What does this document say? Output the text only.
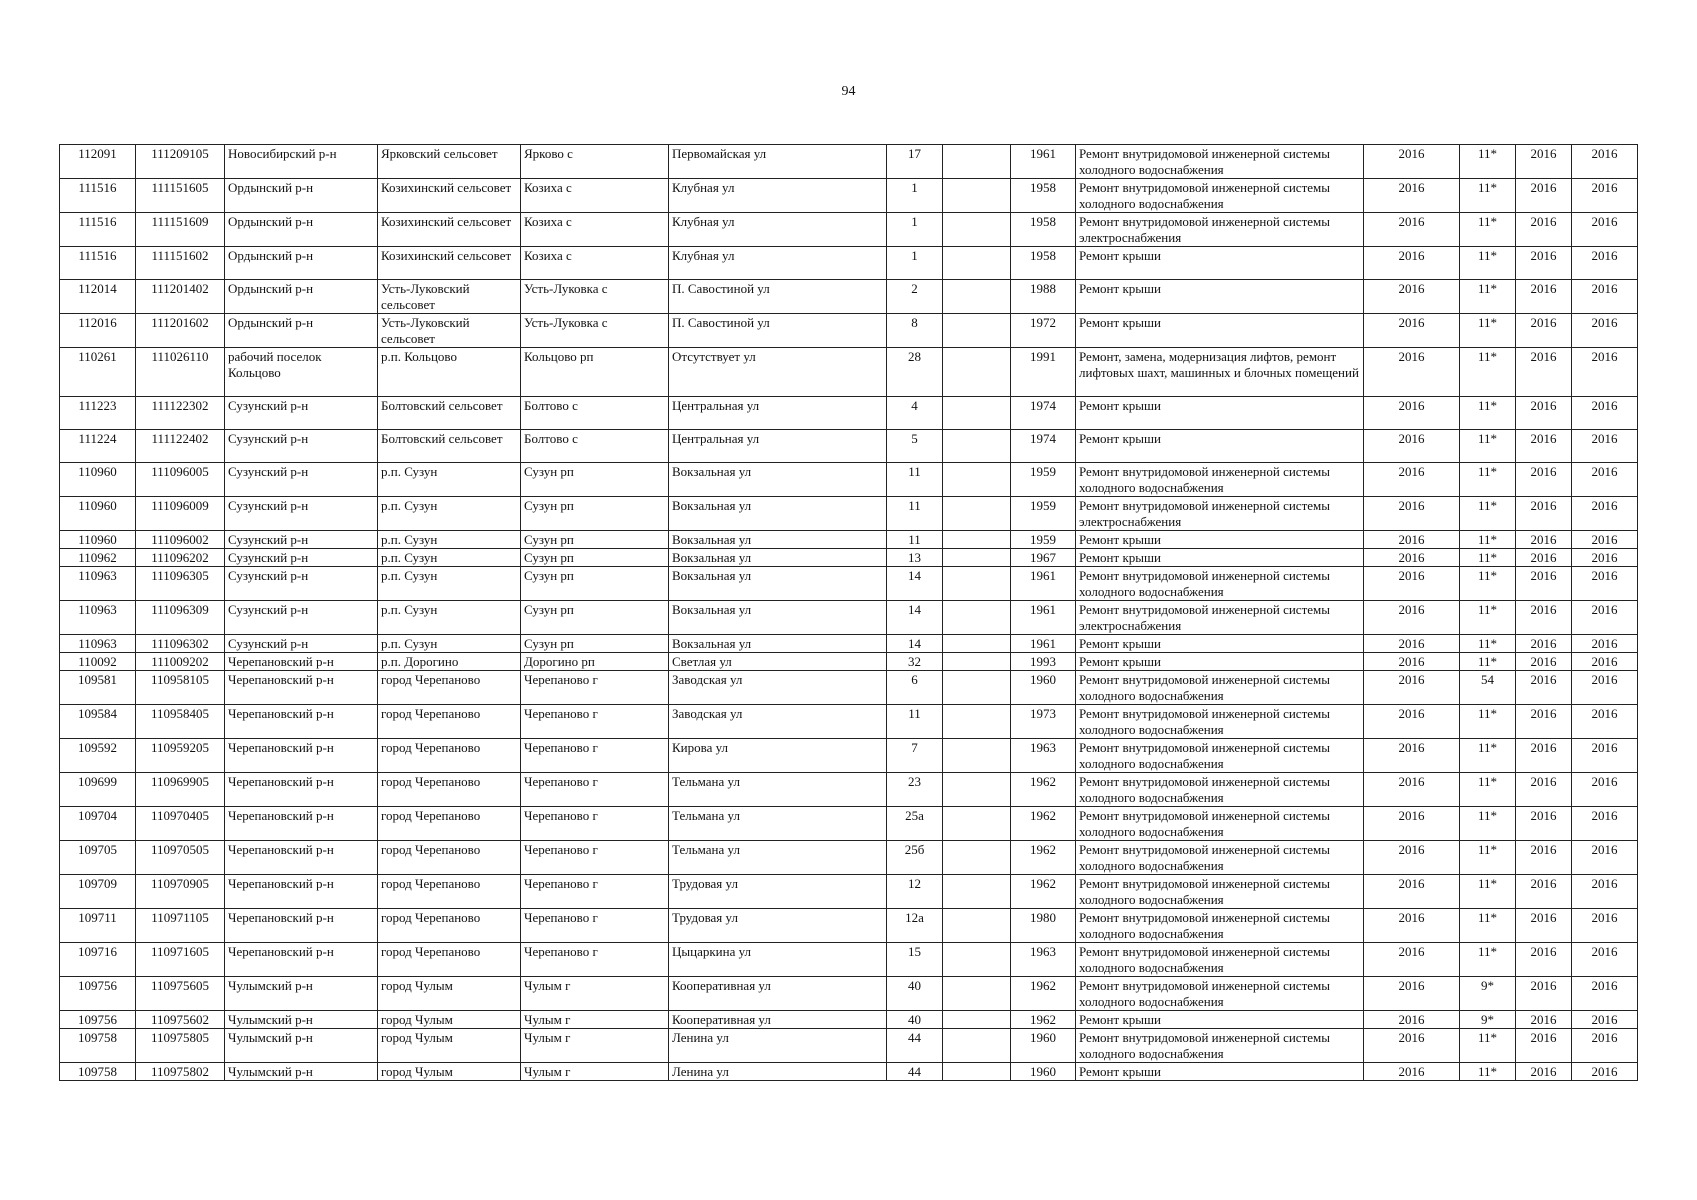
94
112091	111209105	Новосибирский р-н	Ярковский сельсовет	Ярково с	Первомайская ул	17		1961	Ремонт внутридомовой инженерной системы холодного водоснабжения	2016	11*	2016	2016
111516	111151605	Ордынский р-н	Козихинский сельсовет	Козиха с	Клубная ул	1		1958	Ремонт внутридомовой инженерной системы холодного водоснабжения	2016	11*	2016	2016
111516	111151609	Ордынский р-н	Козихинский сельсовет	Козиха с	Клубная ул	1		1958	Ремонт внутридомовой инженерной системы электроснабжения	2016	11*	2016	2016
111516	111151602	Ордынский р-н	Козихинский сельсовет	Козиха с	Клубная ул	1		1958	Ремонт крыши	2016	11*	2016	2016
112014	111201402	Ордынский р-н	Усть-Луковский сельсовет	Усть-Луковка с	П. Савостиной ул	2		1988	Ремонт крыши	2016	11*	2016	2016
112016	111201602	Ордынский р-н	Усть-Луковский сельсовет	Усть-Луковка с	П. Савостиной ул	8		1972	Ремонт крыши	2016	11*	2016	2016
110261	111026110	рабочий поселок Кольцово	р.п. Кольцово	Кольцово рп	Отсутствует ул	28		1991	Ремонт, замена, модернизация лифтов, ремонт лифтовых шахт, машинных и блочных помещений	2016	11*	2016	2016
111223	111122302	Сузунский р-н	Болтовский сельсовет	Болтово с	Центральная ул	4		1974	Ремонт крыши	2016	11*	2016	2016
111224	111122402	Сузунский р-н	Болтовский сельсовет	Болтово с	Центральная ул	5		1974	Ремонт крыши	2016	11*	2016	2016
110960	111096005	Сузунский р-н	р.п. Сузун	Сузун рп	Вокзальная ул	11		1959	Ремонт внутридомовой инженерной системы холодного водоснабжения	2016	11*	2016	2016
110960	111096009	Сузунский р-н	р.п. Сузун	Сузун рп	Вокзальная ул	11		1959	Ремонт внутридомовой инженерной системы электроснабжения	2016	11*	2016	2016
110960	111096002	Сузунский р-н	р.п. Сузун	Сузун рп	Вокзальная ул	11		1959	Ремонт крыши	2016	11*	2016	2016
110962	111096202	Сузунский р-н	р.п. Сузун	Сузун рп	Вокзальная ул	13		1967	Ремонт крыши	2016	11*	2016	2016
110963	111096305	Сузунский р-н	р.п. Сузун	Сузун рп	Вокзальная ул	14		1961	Ремонт внутридомовой инженерной системы холодного водоснабжения	2016	11*	2016	2016
110963	111096309	Сузунский р-н	р.п. Сузун	Сузун рп	Вокзальная ул	14		1961	Ремонт внутридомовой инженерной системы электроснабжения	2016	11*	2016	2016
110963	111096302	Сузунский р-н	р.п. Сузун	Сузун рп	Вокзальная ул	14		1961	Ремонт крыши	2016	11*	2016	2016
110092	111009202	Черепановский р-н	р.п. Дорогино	Дорогино рп	Светлая ул	32		1993	Ремонт крыши	2016	11*	2016	2016
109581	110958105	Черепановский р-н	город Черепаново	Черепаново г	Заводская ул	6		1960	Ремонт внутридомовой инженерной системы холодного водоснабжения	2016	54	2016	2016
109584	110958405	Черепановский р-н	город Черепаново	Черепаново г	Заводская ул	11		1973	Ремонт внутридомовой инженерной системы холодного водоснабжения	2016	11*	2016	2016
109592	110959205	Черепановский р-н	город Черепаново	Черепаново г	Кирова ул	7		1963	Ремонт внутридомовой инженерной системы холодного водоснабжения	2016	11*	2016	2016
109699	110969905	Черепановский р-н	город Черепаново	Черепаново г	Тельмана ул	23		1962	Ремонт внутридомовой инженерной системы холодного водоснабжения	2016	11*	2016	2016
109704	110970405	Черепановский р-н	город Черепаново	Черепаново г	Тельмана ул	25а		1962	Ремонт внутридомовой инженерной системы холодного водоснабжения	2016	11*	2016	2016
109705	110970505	Черепановский р-н	город Черепаново	Черепаново г	Тельмана ул	25б		1962	Ремонт внутридомовой инженерной системы холодного водоснабжения	2016	11*	2016	2016
109709	110970905	Черепановский р-н	город Черепаново	Черепаново г	Трудовая ул	12		1962	Ремонт внутридомовой инженерной системы холодного водоснабжения	2016	11*	2016	2016
109711	110971105	Черепановский р-н	город Черепаново	Черепаново г	Трудовая ул	12а		1980	Ремонт внутридомовой инженерной системы холодного водоснабжения	2016	11*	2016	2016
109716	110971605	Черепановский р-н	город Черепаново	Черепаново г	Цыцаркина ул	15		1963	Ремонт внутридомовой инженерной системы холодного водоснабжения	2016	11*	2016	2016
109756	110975605	Чулымский р-н	город Чулым	Чулым г	Кооперативная ул	40		1962	Ремонт внутридомовой инженерной системы холодного водоснабжения	2016	9*	2016	2016
109756	110975602	Чулымский р-н	город Чулым	Чулым г	Кооперативная ул	40		1962	Ремонт крыши	2016	9*	2016	2016
109758	110975805	Чулымский р-н	город Чулым	Чулым г	Ленина ул	44		1960	Ремонт внутридомовой инженерной системы холодного водоснабжения	2016	11*	2016	2016
109758	110975802	Чулымский р-н	город Чулым	Чулым г	Ленина ул	44		1960	Ремонт крыши	2016	11*	2016	2016
